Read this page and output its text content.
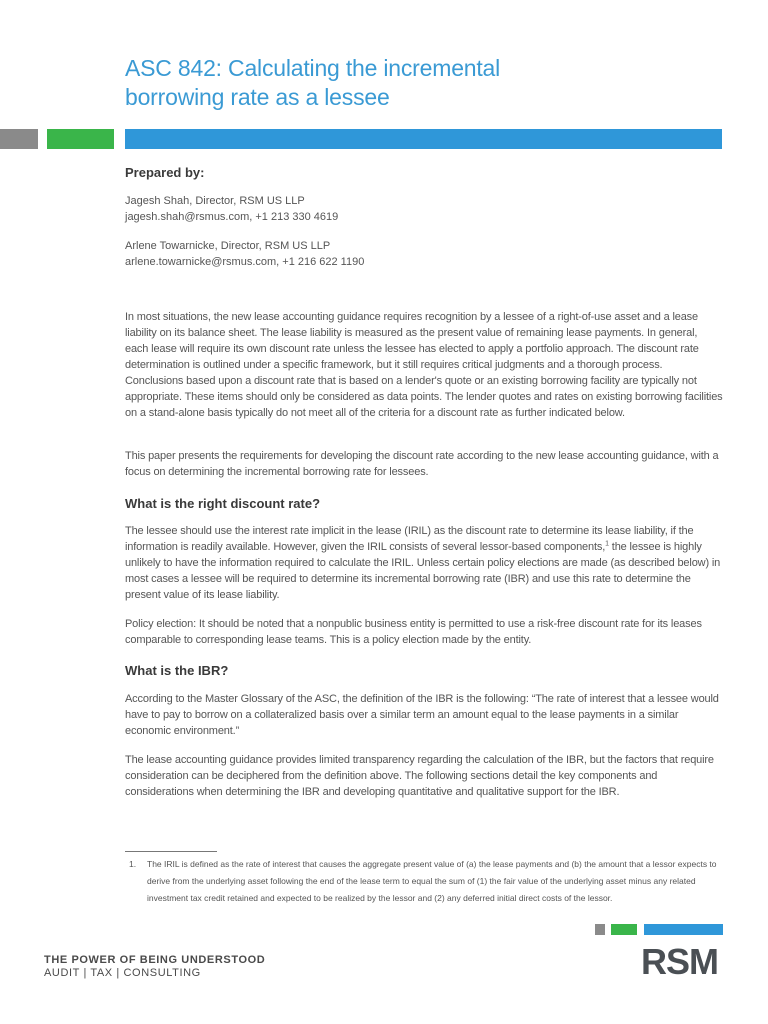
ASC 842: Calculating the incremental
borrowing rate as a lessee
Prepared by:
Jagesh Shah, Director, RSM US LLP
jagesh.shah@rsmus.com, +1 213 330 4619
Arlene Towarnicke, Director, RSM US LLP
arlene.towarnicke@rsmus.com, +1 216 622 1190

In most situations, the new lease accounting guidance requires recognition by a lessee of a right-of-use asset and a lease liability on its balance sheet. The lease liability is measured as the present value of remaining lease payments. In general, each lease will require its own discount rate unless the lessee has elected to apply a portfolio approach. The discount rate determination is outlined under a specific framework, but it still requires critical judgments and a thorough process. Conclusions based upon a discount rate that is based on a lender's quote or an existing borrowing facility are typically not appropriate. These items should only be considered as data points. The lender quotes and rates on existing borrowing facilities on a stand-alone basis typically do not meet all of the criteria for a discount rate as further indicated below.

This paper presents the requirements for developing the discount rate according to the new lease accounting guidance, with a focus on determining the incremental borrowing rate for lessees.

What is the right discount rate?

The lessee should use the interest rate implicit in the lease (IRIL) as the discount rate to determine its lease liability, if the information is readily available. However, given the IRIL consists of several lessor-based components,$^1$ the lessee is highly unlikely to have the information required to calculate the IRIL. Unless certain policy elections are made (as described below) in most cases a lessee will be required to determine its incremental borrowing rate (IBR) and use this rate to determine the present value of its lease liability.

Policy election: It should be noted that a nonpublic business entity is permitted to use a risk-free discount rate for its leases comparable to corresponding lease teams. This is a policy election made by the entity.

What is the IBR?

According to the Master Glossary of the ASC, the definition of the IBR is the following: “The rate of interest that a lessee would have to pay to borrow on a collateralized basis over a similar term an amount equal to the lease payments in a similar economic environment.”

The lease accounting guidance provides limited transparency regarding the calculation of the IBR, but the factors that require consideration can be deciphered from the definition above. The following sections detail the key components and considerations when determining the IBR and developing quantitative and qualitative support for the IBR.

1. The IRIL is defined as the rate of interest that causes the aggregate present value of (a) the lease payments and (b) the amount that a lessor expects to derive from the underlying asset following the end of the lease term to equal the sum of (1) the fair value of the underlying asset minus any related investment tax credit retained and expected to be realized by the lessor and (2) any deferred initial direct costs of the lessor.
THE POWER OF BEING UNDERSTOOD
AUDIT | TAX | CONSULTING	RSM
